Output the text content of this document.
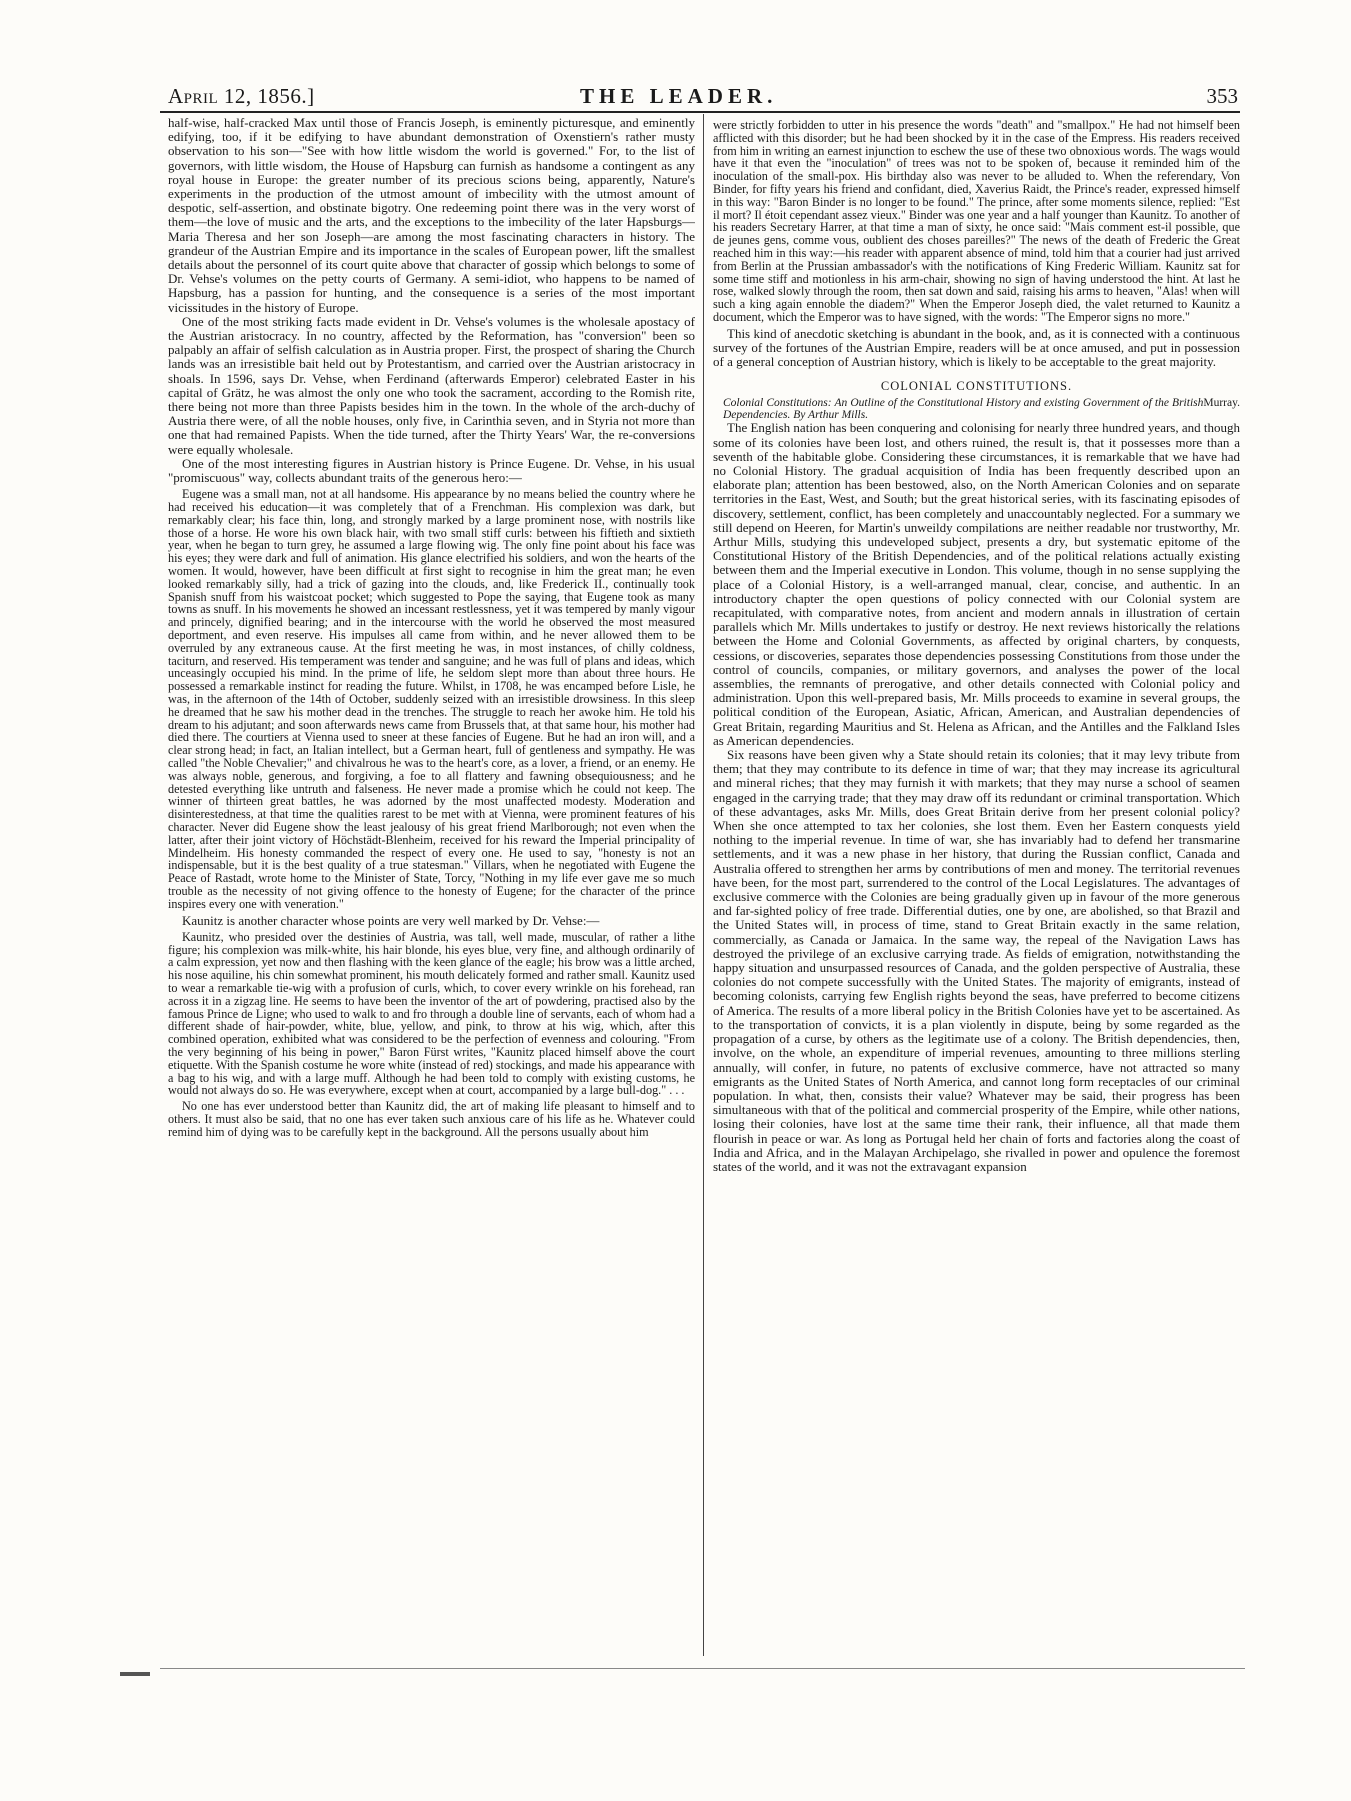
April 12, 1856.]	THE LEADER.	353

half-wise, half-cracked Max until those of Francis Joseph, is eminently picturesque, and eminently edifying, too, if it be edifying to have abundant demonstration of Oxenstiern's rather musty observation to his son—"See with how little wisdom the world is governed." For, to the list of governors, with little wisdom, the House of Hapsburg can furnish as handsome a contingent as any royal house in Europe: the greater number of its precious scions being, apparently, Nature's experiments in the production of the utmost amount of imbecility with the utmost amount of despotic, self-assertion, and obstinate bigotry. One redeeming point there was in the very worst of them—the love of music and the arts, and the exceptions to the imbecility of the later Hapsburgs—Maria Theresa and her son Joseph—are among the most fascinating characters in history. The grandeur of the Austrian Empire and its importance in the scales of European power, lift the smallest details about the personnel of its court quite above that character of gossip which belongs to some of Dr. Vehse's volumes on the petty courts of Germany. A semi-idiot, who happens to be named of Hapsburg, has a passion for hunting, and the consequence is a series of the most important vicissitudes in the history of Europe.

One of the most striking facts made evident in Dr. Vehse's volumes is the wholesale apostacy of the Austrian aristocracy. In no country, affected by the Reformation, has "conversion" been so palpably an affair of selfish calculation as in Austria proper. First, the prospect of sharing the Church lands was an irresistible bait held out by Protestantism, and carried over the Austrian aristocracy in shoals. In 1596, says Dr. Vehse, when Ferdinand (afterwards Emperor) celebrated Easter in his capital of Grätz, he was almost the only one who took the sacrament, according to the Romish rite, there being not more than three Papists besides him in the town. In the whole of the arch-duchy of Austria there were, of all the noble houses, only five, in Carinthia seven, and in Styria not more than one that had remained Papists. When the tide turned, after the Thirty Years' War, the re-conversions were equally wholesale.

One of the most interesting figures in Austrian history is Prince Eugene. Dr. Vehse, in his usual "promiscuous" way, collects abundant traits of the generous hero:—

Eugene was a small man, not at all handsome. His appearance by no means belied the country where he had received his education—it was completely that of a Frenchman. His complexion was dark, but remarkably clear; his face thin, long, and strongly marked by a large prominent nose, with nostrils like those of a horse. He wore his own black hair, with two small stiff curls: between his fiftieth and sixtieth year, when he began to turn grey, he assumed a large flowing wig. The only fine point about his face was his eyes; they were dark and full of animation. His glance electrified his soldiers, and won the hearts of the women. It would, however, have been difficult at first sight to recognise in him the great man; he even looked remarkably silly, had a trick of gazing into the clouds, and, like Frederick II., continually took Spanish snuff from his waistcoat pocket; which suggested to Pope the saying, that Eugene took as many towns as snuff. In his movements he showed an incessant restlessness, yet it was tempered by manly vigour and princely, dignified bearing; and in the intercourse with the world he observed the most measured deportment, and even reserve. His impulses all came from within, and he never allowed them to be overruled by any extraneous cause. At the first meeting he was, in most instances, of chilly coldness, taciturn, and reserved. His temperament was tender and sanguine; and he was full of plans and ideas, which unceasingly occupied his mind. In the prime of life, he seldom slept more than about three hours. He possessed a remarkable instinct for reading the future. Whilst, in 1708, he was encamped before Lisle, he was, in the afternoon of the 14th of October, suddenly seized with an irresistible drowsiness. In this sleep he dreamed that he saw his mother dead in the trenches. The struggle to reach her awoke him. He told his dream to his adjutant; and soon afterwards news came from Brussels that, at that same hour, his mother had died there. The courtiers at Vienna used to sneer at these fancies of Eugene. But he had an iron will, and a clear strong head; in fact, an Italian intellect, but a German heart, full of gentleness and sympathy. He was called "the Noble Chevalier;" and chivalrous he was to the heart's core, as a lover, a friend, or an enemy. He was always noble, generous, and forgiving, a foe to all flattery and fawning obsequiousness; and he detested everything like untruth and falseness. He never made a promise which he could not keep. The winner of thirteen great battles, he was adorned by the most unaffected modesty. Moderation and disinterestedness, at that time the qualities rarest to be met with at Vienna, were prominent features of his character. Never did Eugene show the least jealousy of his great friend Marlborough; not even when the latter, after their joint victory of Höchstädt-Blenheim, received for his reward the Imperial principality of Mindelheim. His honesty commanded the respect of every one. He used to say, "honesty is not an indispensable, but it is the best quality of a true statesman." Villars, when he negotiated with Eugene the Peace of Rastadt, wrote home to the Minister of State, Torcy, "Nothing in my life ever gave me so much trouble as the necessity of not giving offence to the honesty of Eugene; for the character of the prince inspires every one with veneration."

Kaunitz is another character whose points are very well marked by Dr. Vehse:—

Kaunitz, who presided over the destinies of Austria, was tall, well made, muscular, of rather a lithe figure; his complexion was milk-white, his hair blonde, his eyes blue, very fine, and although ordinarily of a calm expression, yet now and then flashing with the keen glance of the eagle; his brow was a little arched, his nose aquiline, his chin somewhat prominent, his mouth delicately formed and rather small. Kaunitz used to wear a remarkable tie-wig with a profusion of curls, which, to cover every wrinkle on his forehead, ran across it in a zigzag line. He seems to have been the inventor of the art of powdering, practised also by the famous Prince de Ligne; who used to walk to and fro through a double line of servants, each of whom had a different shade of hair-powder, white, blue, yellow, and pink, to throw at his wig, which, after this combined operation, exhibited what was considered to be the perfection of evenness and colouring. "From the very beginning of his being in power," Baron Fürst writes, "Kaunitz placed himself above the court etiquette. With the Spanish costume he wore white (instead of red) stockings, and made his appearance with a bag to his wig, and with a large muff. Although he had been told to comply with existing customs, he would not always do so. He was everywhere, except when at court, accompanied by a large bull-dog." . . .

No one has ever understood better than Kaunitz did, the art of making life pleasant to himself and to others. It must also be said, that no one has ever taken such anxious care of his life as he. Whatever could remind him of dying was to be carefully kept in the background. All the persons usually about him

were strictly forbidden to utter in his presence the words "death" and "smallpox." He had not himself been afflicted with this disorder; but he had been shocked by it in the case of the Empress. His readers received from him in writing an earnest injunction to eschew the use of these two obnoxious words. The wags would have it that even the "inoculation" of trees was not to be spoken of, because it reminded him of the inoculation of the small-pox. His birthday also was never to be alluded to. When the referendary, Von Binder, for fifty years his friend and confidant, died, Xaverius Raidt, the Prince's reader, expressed himself in this way: "Baron Binder is no longer to be found." The prince, after some moments silence, replied: "Est il mort? Il étoit cependant assez vieux." Binder was one year and a half younger than Kaunitz. To another of his readers Secretary Harrer, at that time a man of sixty, he once said: "Mais comment est-il possible, que de jeunes gens, comme vous, oublient des choses pareilles?" The news of the death of Frederic the Great reached him in this way:—his reader with apparent absence of mind, told him that a courier had just arrived from Berlin at the Prussian ambassador's with the notifications of King Frederic William. Kaunitz sat for some time stiff and motionless in his arm-chair, showing no sign of having understood the hint. At last he rose, walked slowly through the room, then sat down and said, raising his arms to heaven, "Alas! when will such a king again ennoble the diadem?" When the Emperor Joseph died, the valet returned to Kaunitz a document, which the Emperor was to have signed, with the words: "The Emperor signs no more."

This kind of anecdotic sketching is abundant in the book, and, as it is connected with a continuous survey of the fortunes of the Austrian Empire, readers will be at once amused, and put in possession of a general conception of Austrian history, which is likely to be acceptable to the great majority.

COLONIAL CONSTITUTIONS.

Murray.
Colonial Constitutions: An Outline of the Constitutional History and existing Government of the British Dependencies. By Arthur Mills.

The English nation has been conquering and colonising for nearly three hundred years, and though some of its colonies have been lost, and others ruined, the result is, that it possesses more than a seventh of the habitable globe. Considering these circumstances, it is remarkable that we have had no Colonial History. The gradual acquisition of India has been frequently described upon an elaborate plan; attention has been bestowed, also, on the North American Colonies and on separate territories in the East, West, and South; but the great historical series, with its fascinating episodes of discovery, settlement, conflict, has been completely and unaccountably neglected. For a summary we still depend on Heeren, for Martin's unweildy compilations are neither readable nor trustworthy, Mr. Arthur Mills, studying this undeveloped subject, presents a dry, but systematic epitome of the Constitutional History of the British Dependencies, and of the political relations actually existing between them and the Imperial executive in London. This volume, though in no sense supplying the place of a Colonial History, is a well-arranged manual, clear, concise, and authentic. In an introductory chapter the open questions of policy connected with our Colonial system are recapitulated, with comparative notes, from ancient and modern annals in illustration of certain parallels which Mr. Mills undertakes to justify or destroy. He next reviews historically the relations between the Home and Colonial Governments, as affected by original charters, by conquests, cessions, or discoveries, separates those dependencies possessing Constitutions from those under the control of councils, companies, or military governors, and analyses the power of the local assemblies, the remnants of prerogative, and other details connected with Colonial policy and administration. Upon this well-prepared basis, Mr. Mills proceeds to examine in several groups, the political condition of the European, Asiatic, African, American, and Australian dependencies of Great Britain, regarding Mauritius and St. Helena as African, and the Antilles and the Falkland Isles as American dependencies.

Six reasons have been given why a State should retain its colonies; that it may levy tribute from them; that they may contribute to its defence in time of war; that they may increase its agricultural and mineral riches; that they may furnish it with markets; that they may nurse a school of seamen engaged in the carrying trade; that they may draw off its redundant or criminal transportation. Which of these advantages, asks Mr. Mills, does Great Britain derive from her present colonial policy? When she once attempted to tax her colonies, she lost them. Even her Eastern conquests yield nothing to the imperial revenue. In time of war, she has invariably had to defend her transmarine settlements, and it was a new phase in her history, that during the Russian conflict, Canada and Australia offered to strengthen her arms by contributions of men and money. The territorial revenues have been, for the most part, surrendered to the control of the Local Legislatures. The advantages of exclusive commerce with the Colonies are being gradually given up in favour of the more generous and far-sighted policy of free trade. Differential duties, one by one, are abolished, so that Brazil and the United States will, in process of time, stand to Great Britain exactly in the same relation, commercially, as Canada or Jamaica. In the same way, the repeal of the Navigation Laws has destroyed the privilege of an exclusive carrying trade. As fields of emigration, notwithstanding the happy situation and unsurpassed resources of Canada, and the golden perspective of Australia, these colonies do not compete successfully with the United States. The majority of emigrants, instead of becoming colonists, carrying few English rights beyond the seas, have preferred to become citizens of America. The results of a more liberal policy in the British Colonies have yet to be ascertained. As to the transportation of convicts, it is a plan violently in dispute, being by some regarded as the propagation of a curse, by others as the legitimate use of a colony. The British dependencies, then, involve, on the whole, an expenditure of imperial revenues, amounting to three millions sterling annually, will confer, in future, no patents of exclusive commerce, have not attracted so many emigrants as the United States of North America, and cannot long form receptacles of our criminal population. In what, then, consists their value? Whatever may be said, their progress has been simultaneous with that of the political and commercial prosperity of the Empire, while other nations, losing their colonies, have lost at the same time their rank, their influence, all that made them flourish in peace or war. As long as Portugal held her chain of forts and factories along the coast of India and Africa, and in the Malayan Archipelago, she rivalled in power and opulence the foremost states of the world, and it was not the extravagant expansion
